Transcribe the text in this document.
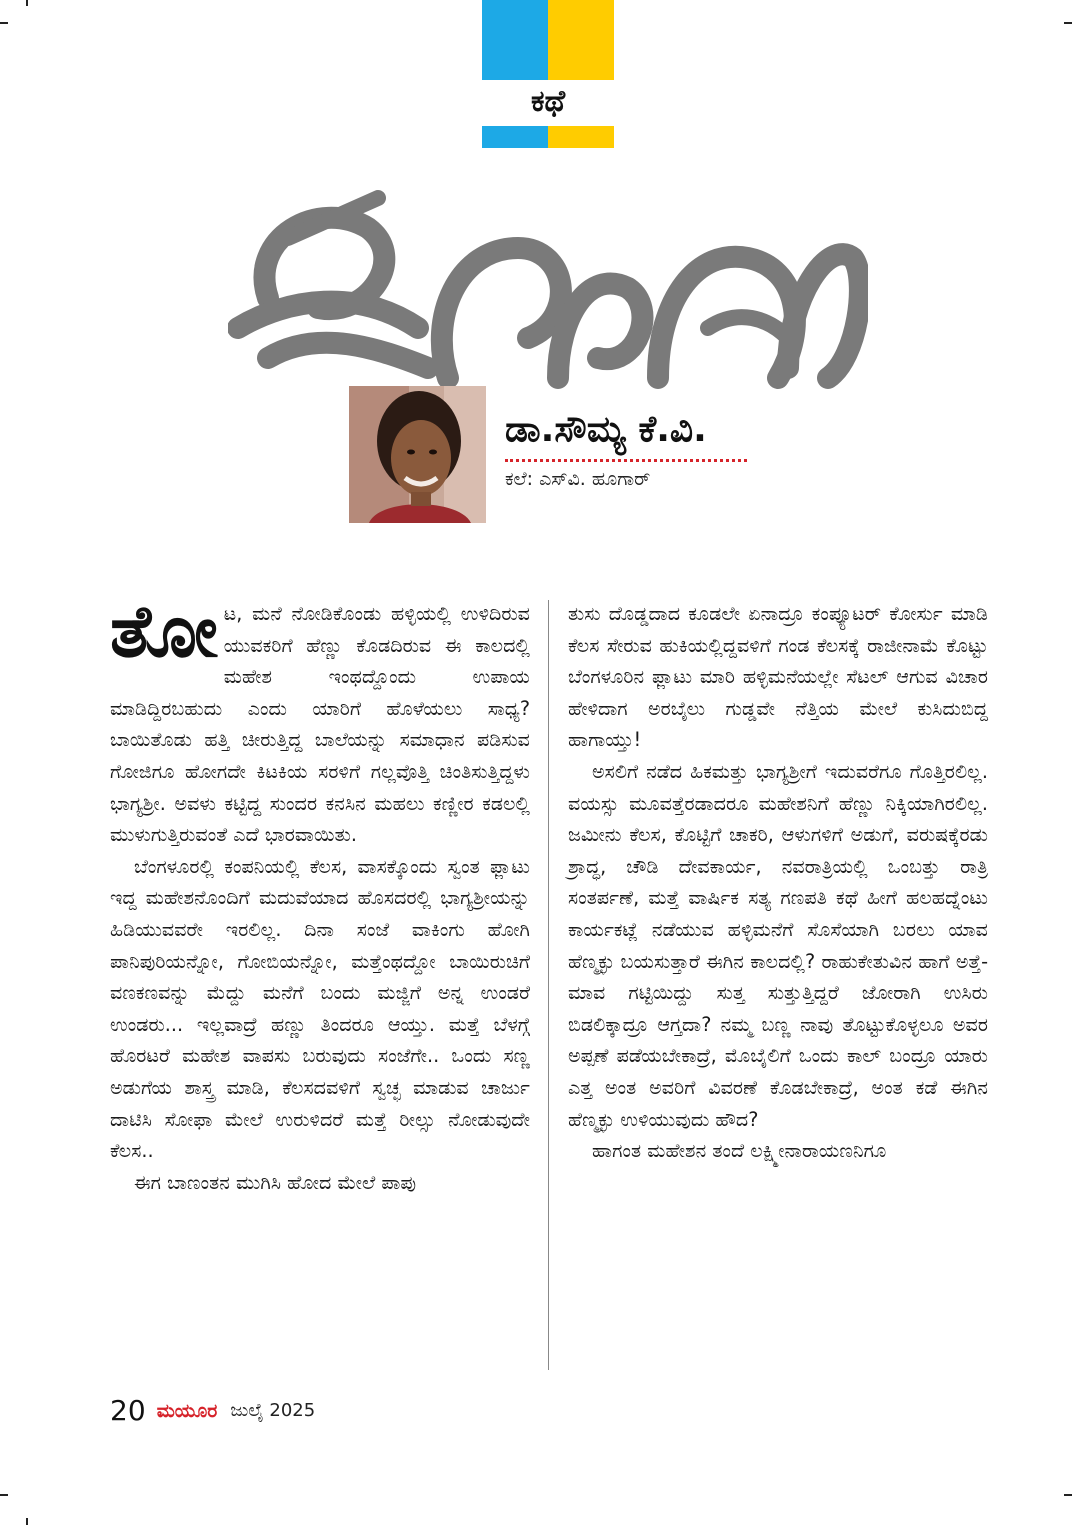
ಕಥೆ
ಡಾ.ಸೌಮ್ಯ ಕೆ.ವಿ.
ಕಲೆ: ಎಸ್‌ವಿ. ಹೂಗಾರ್

ತೋಟ, ಮನೆ ನೋಡಿಕೊಂಡು ಹಳ್ಳಿಯಲ್ಲಿ ಉಳಿದಿರುವ ಯುವಕರಿಗೆ ಹೆಣ್ಣು ಕೊಡದಿರುವ ಈ ಕಾಲದಲ್ಲಿ ಮಹೇಶ ಇಂಥದ್ದೊಂದು ಉಪಾಯ ಮಾಡಿದ್ದಿರಬಹುದು ಎಂದು ಯಾರಿಗೆ ಹೊಳೆಯಲು ಸಾಧ್ಯ? ಬಾಯಿತೊಡು ಹತ್ತಿ ಚೀರುತ್ತಿದ್ದ ಬಾಲೆಯನ್ನು ಸಮಾಧಾನ ಪಡಿಸುವ ಗೋಜಿಗೂ ಹೋಗದೇ ಕಿಟಕಿಯ ಸರಳಿಗೆ ಗಲ್ಲವೊತ್ತಿ ಚಿಂತಿಸುತ್ತಿದ್ದಳು ಭಾಗ್ಯಶ್ರೀ. ಅವಳು ಕಟ್ಟಿದ್ದ ಸುಂದರ ಕನಸಿನ ಮಹಲು ಕಣ್ಣೀರ ಕಡಲಲ್ಲಿ ಮುಳುಗುತ್ತಿರುವಂತೆ ಎದೆ ಭಾರವಾಯಿತು.

ಬೆಂಗಳೂರಲ್ಲಿ ಕಂಪನಿಯಲ್ಲಿ ಕೆಲಸ, ವಾಸಕ್ಕೊಂದು ಸ್ವಂತ ಫ್ಲಾಟು ಇದ್ದ ಮಹೇಶನೊಂದಿಗೆ ಮದುವೆಯಾದ ಹೊಸದರಲ್ಲಿ ಭಾಗ್ಯಶ್ರೀಯನ್ನು ಹಿಡಿಯುವವರೇ ಇರಲಿಲ್ಲ. ದಿನಾ ಸಂಜೆ ವಾಕಿಂಗು ಹೋಗಿ ಪಾನಿಪುರಿಯನ್ನೋ, ಗೋಬಿಯನ್ನೋ, ಮತ್ತೆಂಥದ್ದೋ ಬಾಯಿರುಚಿಗೆ ವಣಕಣವನ್ನು ಮೆದ್ದು ಮನೆಗೆ ಬಂದು ಮಜ್ಜಿಗೆ ಅನ್ನ ಉಂಡರೆ ಉಂಡರು... ಇಲ್ಲವಾದ್ರೆ ಹಣ್ಣು ತಿಂದರೂ ಆಯ್ತು. ಮತ್ತೆ ಬೆಳಗ್ಗೆ ಹೊರಟರೆ ಮಹೇಶ ವಾಪಸು ಬರುವುದು ಸಂಜೆಗೇ.. ಒಂದು ಸಣ್ಣ ಅಡುಗೆಯ ಶಾಸ್ತ್ರ ಮಾಡಿ, ಕೆಲಸದವಳಿಗೆ ಸ್ವಚ್ಛ ಮಾಡುವ ಚಾರ್ಜು ದಾಟಿಸಿ ಸೋಫಾ ಮೇಲೆ ಉರುಳಿದರೆ ಮತ್ತೆ ರೀಲ್ಸು ನೋಡುವುದೇ ಕೆಲಸ..

ಈಗ ಬಾಣಂತನ ಮುಗಿಸಿ ಹೋದ ಮೇಲೆ ಪಾಪು

ತುಸು ದೊಡ್ಡದಾದ ಕೂಡಲೇ ಏನಾದ್ರೂ ಕಂಪ್ಯೂಟರ್ ಕೋರ್ಸು ಮಾಡಿ ಕೆಲಸ ಸೇರುವ ಹುಕಿಯಲ್ಲಿದ್ದವಳಿಗೆ ಗಂಡ ಕೆಲಸಕ್ಕೆ ರಾಜೀನಾಮೆ ಕೊಟ್ಟು ಬೆಂಗಳೂರಿನ ಫ್ಲಾಟು ಮಾರಿ ಹಳ್ಳಿಮನೆಯಲ್ಲೇ ಸೆಟಲ್ ಆಗುವ ವಿಚಾರ ಹೇಳಿದಾಗ ಅರಬೈಲು ಗುಡ್ಡವೇ ನೆತ್ತಿಯ ಮೇಲೆ ಕುಸಿದುಬಿದ್ದ ಹಾಗಾಯ್ತು!

ಅಸಲಿಗೆ ನಡೆದ ಹಿಕಮತ್ತು ಭಾಗ್ಯಶ್ರೀಗೆ ಇದುವರೆಗೂ ಗೊತ್ತಿರಲಿಲ್ಲ. ವಯಸ್ಸು ಮೂವತ್ತೆರಡಾದರೂ ಮಹೇಶನಿಗೆ ಹೆಣ್ಣು ನಿಕ್ಕಿಯಾಗಿರಲಿಲ್ಲ. ಜಮೀನು ಕೆಲಸ, ಕೊಟ್ಟಿಗೆ ಚಾಕರಿ, ಆಳುಗಳಿಗೆ ಅಡುಗೆ, ವರುಷಕ್ಕೆರಡು ಶ್ರಾದ್ಧ, ಚೌಡಿ ದೇವಕಾರ್ಯ, ನವರಾತ್ರಿಯಲ್ಲಿ ಒಂಬತ್ತು ರಾತ್ರಿ ಸಂತರ್ಪಣೆ, ಮತ್ತೆ ವಾರ್ಷಿಕ ಸತ್ಯ ಗಣಪತಿ ಕಥೆ ಹೀಗೆ ಹಲಹದ್ನೆಂಟು ಕಾರ್ಯಕಟ್ಲೆ ನಡೆಯುವ ಹಳ್ಳಿಮನೆಗೆ ಸೊಸೆಯಾಗಿ ಬರಲು ಯಾವ ಹೆಣ್ಮಕ್ಳು ಬಯಸುತ್ತಾರೆ ಈಗಿನ ಕಾಲದಲ್ಲಿ? ರಾಹುಕೇತುವಿನ ಹಾಗೆ ಅತ್ತೆ-ಮಾವ ಗಟ್ಟಿಯಿದ್ದು ಸುತ್ತ ಸುತ್ತುತ್ತಿದ್ದರೆ ಜೋರಾಗಿ ಉಸಿರು ಬಿಡಲಿಕ್ಕಾದ್ರೂ ಆಗ್ತದಾ? ನಮ್ಮ ಬಣ್ಣ ನಾವು ತೊಟ್ಟುಕೊಳ್ಳಲೂ ಅವರ ಅಪ್ಪಣೆ ಪಡೆಯಬೇಕಾದ್ರೆ, ಮೊಬೈಲಿಗೆ ಒಂದು ಕಾಲ್ ಬಂದ್ರೂ ಯಾರು ಎತ್ತ ಅಂತ ಅವರಿಗೆ ವಿವರಣೆ ಕೊಡಬೇಕಾದ್ರೆ, ಅಂತ ಕಡೆ ಈಗಿನ ಹೆಣ್ಮಕ್ಳು ಉಳಿಯುವುದು ಹೌದ?

ಹಾಗಂತ ಮಹೇಶನ ತಂದೆ ಲಕ್ಷ್ಮೀನಾರಾಯಣನಿಗೂ

20 ಮಯೂರ ಜುಲೈ 2025
